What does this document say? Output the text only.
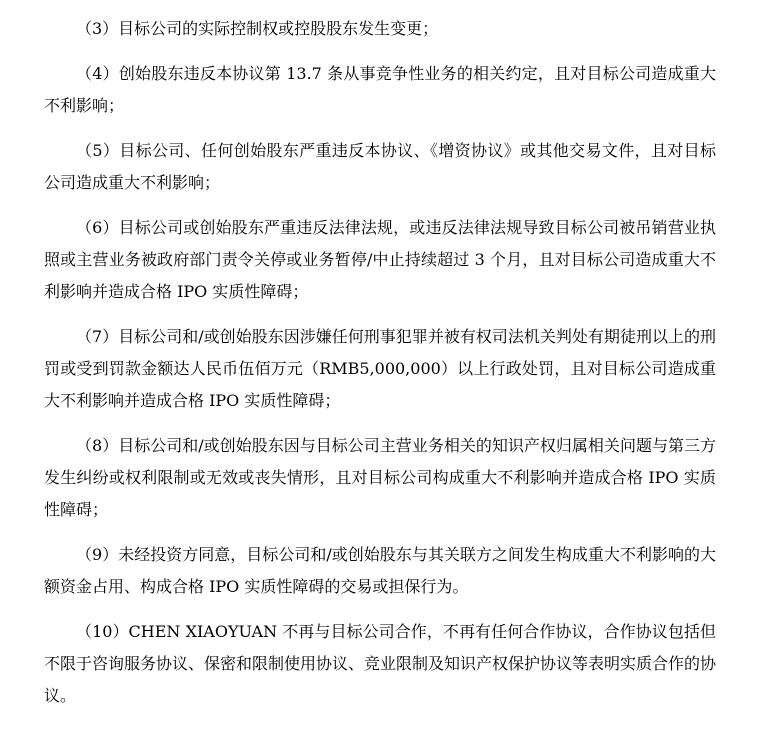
（3）目标公司的实际控制权或控股股东发生变更；

（4）创始股东违反本协议第 13.7 条从事竞争性业务的相关约定，且对目标公司造成重大不利影响；

（5）目标公司、任何创始股东严重违反本协议、《增资协议》或其他交易文件，且对目标公司造成重大不利影响；

（6）目标公司或创始股东严重违反法律法规，或违反法律法规导致目标公司被吊销营业执照或主营业务被政府部门责令关停或业务暂停/中止持续超过 3 个月，且对目标公司造成重大不利影响并造成合格 IPO 实质性障碍；

（7）目标公司和/或创始股东因涉嫌任何刑事犯罪并被有权司法机关判处有期徒刑以上的刑罚或受到罚款金额达人民币伍佰万元（RMB5,000,000）以上行政处罚，且对目标公司造成重大不利影响并造成合格 IPO 实质性障碍；

（8）目标公司和/或创始股东因与目标公司主营业务相关的知识产权归属相关问题与第三方发生纠纷或权利限制或无效或丧失情形，且对目标公司构成重大不利影响并造成合格 IPO 实质性障碍；

（9）未经投资方同意，目标公司和/或创始股东与其关联方之间发生构成重大不利影响的大额资金占用、构成合格 IPO 实质性障碍的交易或担保行为。

（10）CHEN XIAOYUAN 不再与目标公司合作，不再有任何合作协议，合作协议包括但不限于咨询服务协议、保密和限制使用协议、竞业限制及知识产权保护协议等表明实质合作的协议。
